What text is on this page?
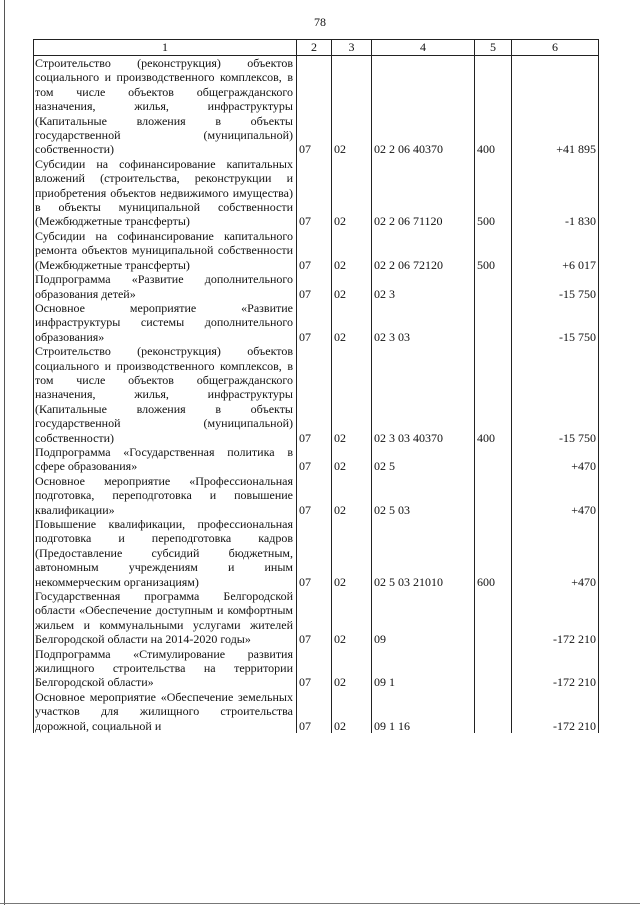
78
1	2	3	4	5	6
Строительство (реконструкция) объектов социального и производственного комплексов, в том числе объектов общегражданского назначения, жилья, инфраструктуры (Капитальные вложения в объекты государственной (муниципальной) собственности)	07	02	02 2 06 40370	400	+41 895
Субсидии на софинансирование капитальных вложений (строительства, реконструкции и приобретения объектов недвижимого имущества) в объекты муниципальной собственности (Межбюджетные трансферты)	07	02	02 2 06 71120	500	-1 830
Субсидии на софинансирование капитального ремонта объектов муниципальной собственности (Межбюджетные трансферты)	07	02	02 2 06 72120	500	+6 017
Подпрограмма «Развитие дополнительного образования детей»	07	02	02 3		-15 750
Основное мероприятие «Развитие инфраструктуры системы дополнительного образования»	07	02	02 3 03		-15 750
Строительство (реконструкция) объектов социального и производственного комплексов, в том числе объектов общегражданского назначения, жилья, инфраструктуры (Капитальные вложения в объекты государственной (муниципальной) собственности)	07	02	02 3 03 40370	400	-15 750
Подпрограмма «Государственная политика в сфере образования»	07	02	02 5		+470
Основное мероприятие «Профессиональная подготовка, переподготовка и повышение квалификации»	07	02	02 5 03		+470
Повышение квалификации, профессиональная подготовка и переподготовка кадров (Предоставление субсидий бюджетным, автономным учреждениям и иным некоммерческим организациям)	07	02	02 5 03 21010	600	+470
Государственная программа Белгородской области «Обеспечение доступным и комфортным жильем и коммунальными услугами жителей Белгородской области на 2014-2020 годы»	07	02	09		-172 210
Подпрограмма «Стимулирование развития жилищного строительства на территории Белгородской области»	07	02	09 1		-172 210
Основное мероприятие «Обеспечение земельных участков для жилищного строительства дорожной, социальной и	07	02	09 1 16		-172 210
